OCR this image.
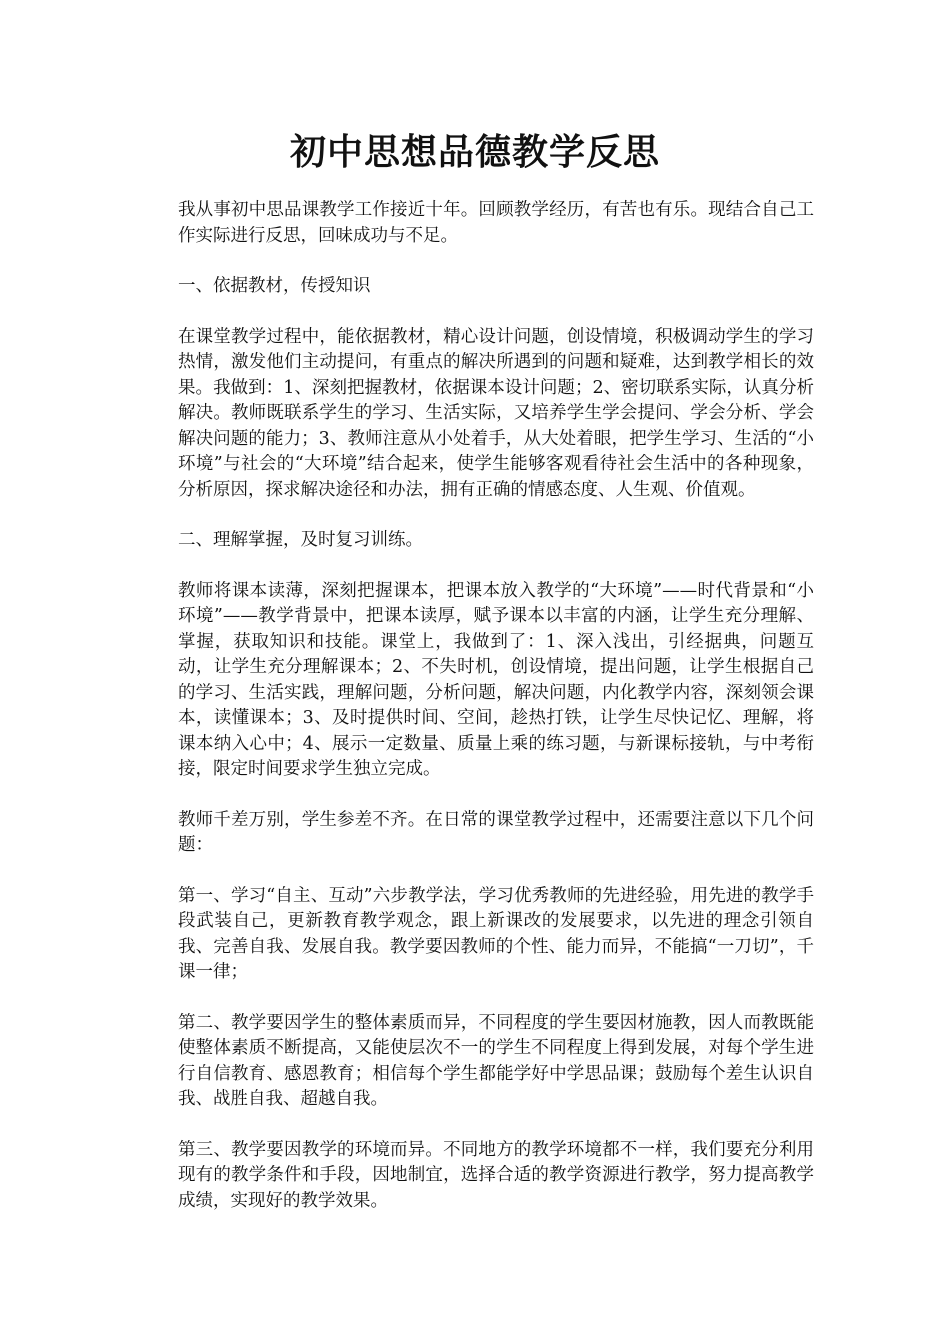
初中思想品德教学反思

我从事初中思品课教学工作接近十年。回顾教学经历，有苦也有乐。现结合自己工作实际进行反思，回味成功与不足。

一、依据教材，传授知识

在课堂教学过程中，能依据教材，精心设计问题，创设情境，积极调动学生的学习热情，激发他们主动提问，有重点的解决所遇到的问题和疑难，达到教学相长的效果。我做到：1、深刻把握教材，依据课本设计问题；2、密切联系实际，认真分析解决。教师既联系学生的学习、生活实际，又培养学生学会提问、学会分析、学会解决问题的能力；3、教师注意从小处着手，从大处着眼，把学生学习、生活的“小环境”与社会的“大环境”结合起来，使学生能够客观看待社会生活中的各种现象，分析原因，探求解决途径和办法，拥有正确的情感态度、人生观、价值观。

二、理解掌握，及时复习训练。

教师将课本读薄，深刻把握课本，把课本放入教学的“大环境”——时代背景和“小环境”——教学背景中，把课本读厚，赋予课本以丰富的内涵，让学生充分理解、掌握，获取知识和技能。课堂上，我做到了：1、深入浅出，引经据典，问题互动，让学生充分理解课本；2、不失时机，创设情境，提出问题，让学生根据自己的学习、生活实践，理解问题，分析问题，解决问题，内化教学内容，深刻领会课本，读懂课本；3、及时提供时间、空间，趁热打铁，让学生尽快记忆、理解，将课本纳入心中；4、展示一定数量、质量上乘的练习题，与新课标接轨，与中考衔接，限定时间要求学生独立完成。

教师千差万别，学生参差不齐。在日常的课堂教学过程中，还需要注意以下几个问题：

第一、学习“自主、互动”六步教学法，学习优秀教师的先进经验，用先进的教学手段武装自己，更新教育教学观念，跟上新课改的发展要求，以先进的理念引领自我、完善自我、发展自我。教学要因教师的个性、能力而异，不能搞“一刀切”，千课一律；

第二、教学要因学生的整体素质而异，不同程度的学生要因材施教，因人而教既能使整体素质不断提高，又能使层次不一的学生不同程度上得到发展，对每个学生进行自信教育、感恩教育；相信每个学生都能学好中学思品课；鼓励每个差生认识自我、战胜自我、超越自我。

第三、教学要因教学的环境而异。不同地方的教学环境都不一样，我们要充分利用现有的教学条件和手段，因地制宜，选择合适的教学资源进行教学，努力提高教学成绩，实现好的教学效果。
